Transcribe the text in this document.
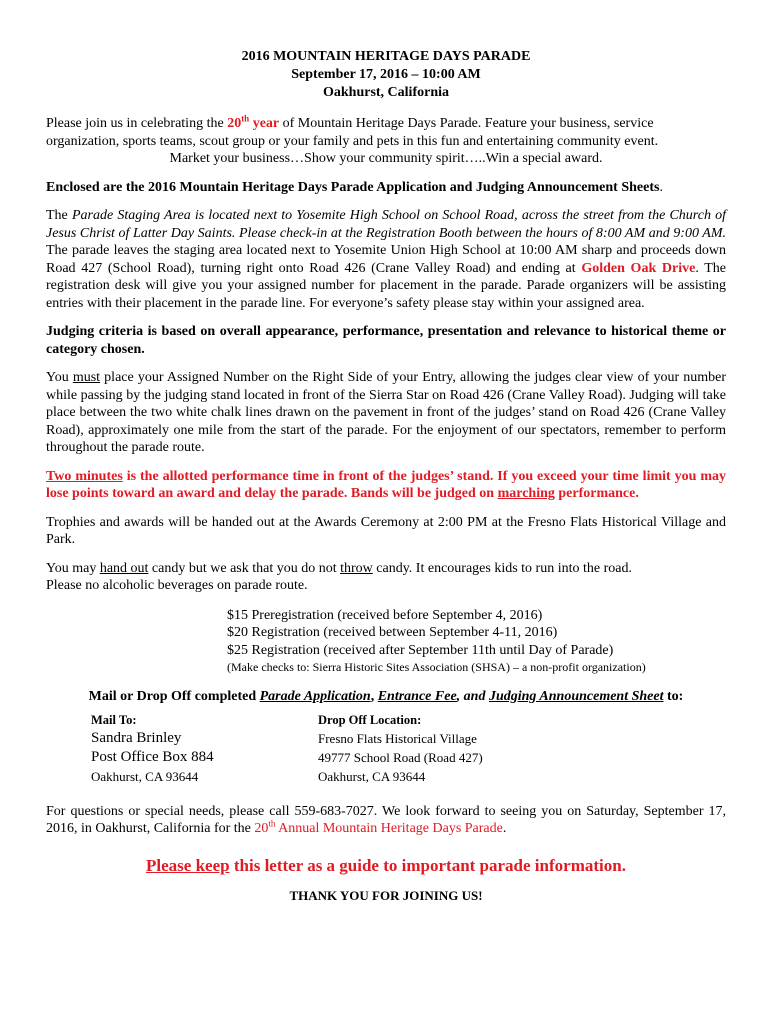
2016 MOUNTAIN HERITAGE DAYS PARADE
September 17, 2016 – 10:00 AM
Oakhurst, California

Please join us in celebrating the 20th year of Mountain Heritage Days Parade. Feature your business, service organization, sports teams, scout group or your family and pets in this fun and entertaining community event.

Market your business…Show your community spirit…..Win a special award.

Enclosed are the 2016 Mountain Heritage Days Parade Application and Judging Announcement Sheets.

The Parade Staging Area is located next to Yosemite High School on School Road, across the street from the Church of Jesus Christ of Latter Day Saints. Please check-in at the Registration Booth between the hours of 8:00 AM and 9:00 AM. The parade leaves the staging area located next to Yosemite Union High School at 10:00 AM sharp and proceeds down Road 427 (School Road), turning right onto Road 426 (Crane Valley Road) and ending at Golden Oak Drive. The registration desk will give you your assigned number for placement in the parade. Parade organizers will be assisting entries with their placement in the parade line. For everyone’s safety please stay within your assigned area.

Judging criteria is based on overall appearance, performance, presentation and relevance to historical theme or category chosen.

You must place your Assigned Number on the Right Side of your Entry, allowing the judges clear view of your number while passing by the judging stand located in front of the Sierra Star on Road 426 (Crane Valley Road). Judging will take place between the two white chalk lines drawn on the pavement in front of the judges’ stand on Road 426 (Crane Valley Road), approximately one mile from the start of the parade. For the enjoyment of our spectators, remember to perform throughout the parade route.

Two minutes is the allotted performance time in front of the judges’ stand. If you exceed your time limit you may lose points toward an award and delay the parade. Bands will be judged on marching performance.

Trophies and awards will be handed out at the Awards Ceremony at 2:00 PM at the Fresno Flats Historical Village and Park.

You may hand out candy but we ask that you do not throw candy. It encourages kids to run into the road.

Please no alcoholic beverages on parade route.

$15 Preregistration (received before September 4, 2016)
$20 Registration (received between September 4-11, 2016)
$25 Registration (received after September 11th until Day of Parade)
(Make checks to: Sierra Historic Sites Association (SHSA) – a non-profit organization)
Mail or Drop Off completed Parade Application, Entrance Fee, and Judging Announcement Sheet to:
Mail To:
Sandra Brinley
Post Office Box 884
Oakhurst, CA 93644
Drop Off Location:
Fresno Flats Historical Village
49777 School Road (Road 427)
Oakhurst, CA 93644

For questions or special needs, please call 559-683-7027. We look forward to seeing you on Saturday, September 17, 2016, in Oakhurst, California for the 20th Annual Mountain Heritage Days Parade.

Please keep this letter as a guide to important parade information.
THANK YOU FOR JOINING US!
